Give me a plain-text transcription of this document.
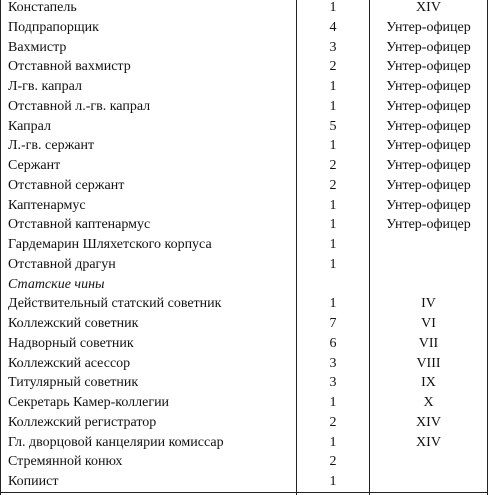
Констапель	1	XIV
Подпрапорщик	4	Унтер-офицер
Вахмистр	3	Унтер-офицер
Отставной вахмистр	2	Унтер-офицер
Л-гв. капрал	1	Унтер-офицер
Отставной л.-гв. капрал	1	Унтер-офицер
Капрал	5	Унтер-офицер
Л.-гв. сержант	1	Унтер-офицер
Сержант	2	Унтер-офицер
Отставной сержант	2	Унтер-офицер
Каптенармус	1	Унтер-офицер
Отставной каптенармус	1	Унтер-офицер
Гардемарин Шляхетского корпуса	1
Отставной драгун	1
Статские чины
Действительный статский советник	1	IV
Коллежский советник	7	VI
Надворный советник	6	VII
Коллежский асессор	3	VIII
Титулярный советник	3	IX
Секретарь Камер-коллегии	1	X
Коллежский регистратор	2	XIV
Гл. дворцовой канцелярии комиссар	1	XIV
Стремянной конюх	2
Копиист	1
